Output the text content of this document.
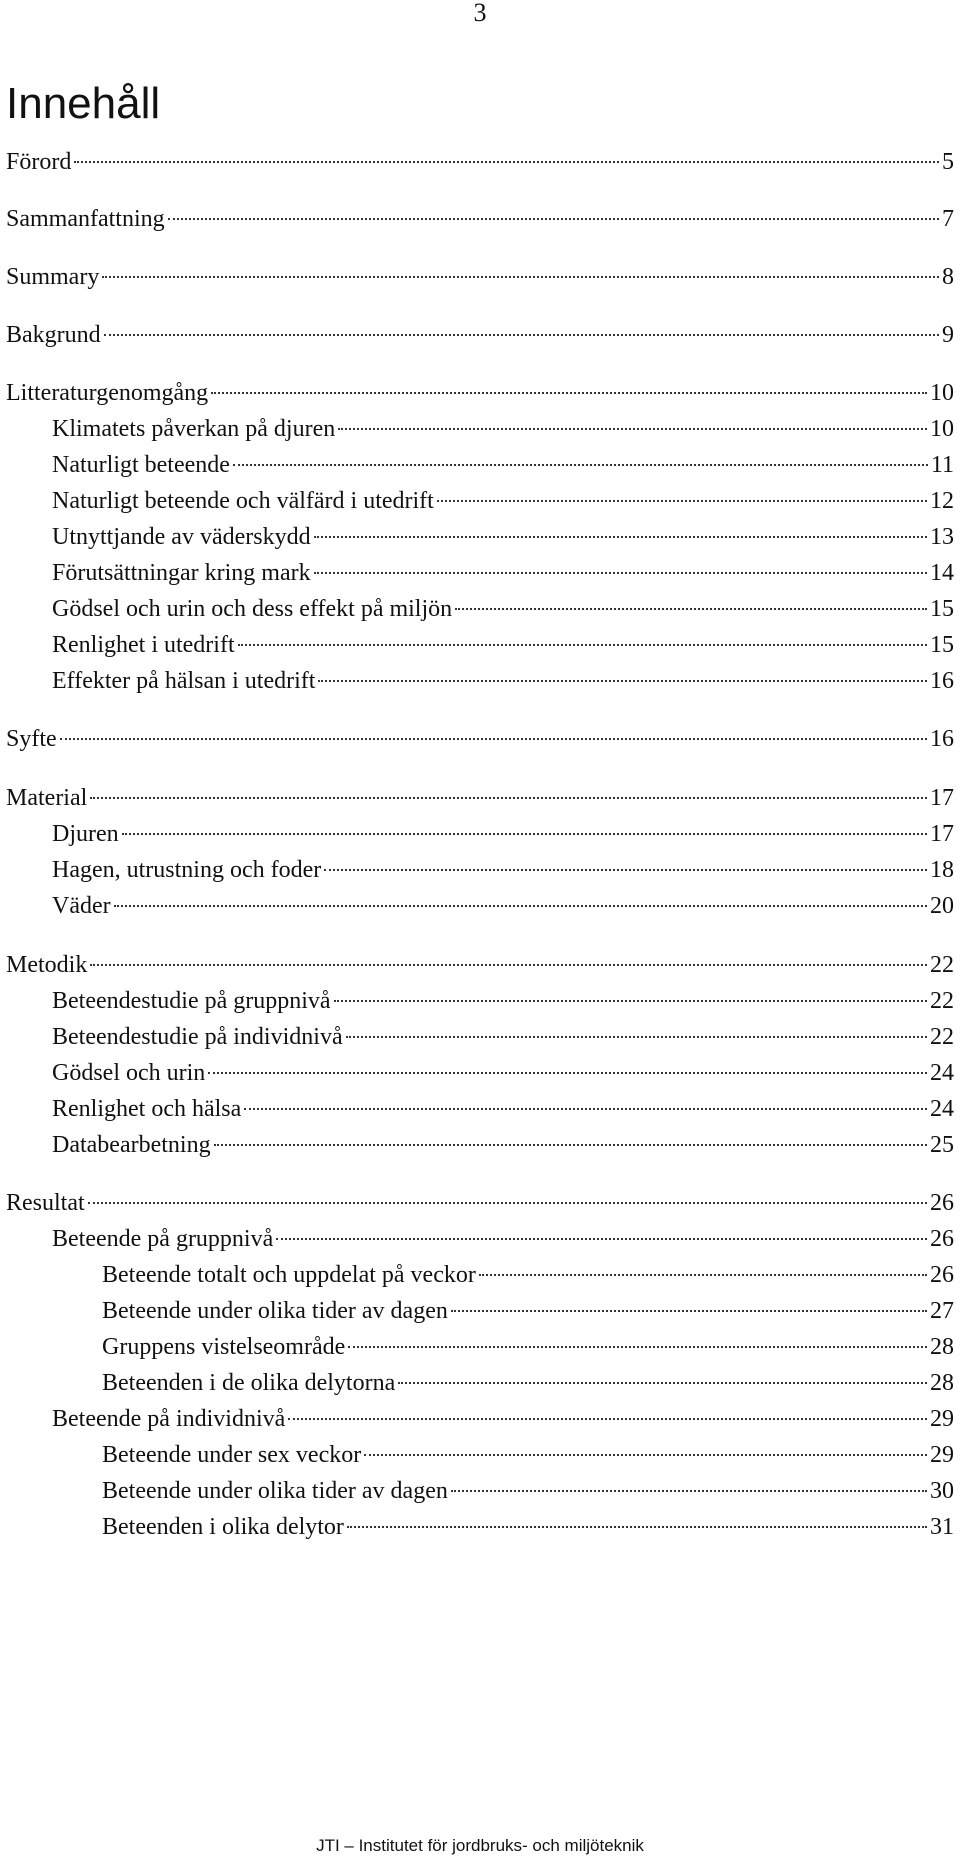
3
Innehåll
Förord	5
Sammanfattning	7
Summary	8
Bakgrund	9
Litteraturgenomgång	10
Klimatets påverkan på djuren	10
Naturligt beteende	11
Naturligt beteende och välfärd i utedrift	12
Utnyttjande av väderskydd	13
Förutsättningar kring mark	14
Gödsel och urin och dess effekt på miljön	15
Renlighet i utedrift	15
Effekter på hälsan i utedrift	16
Syfte	16
Material	17
Djuren	17
Hagen, utrustning och foder	18
Väder	20
Metodik	22
Beteendestudie på gruppnivå	22
Beteendestudie på individnivå	22
Gödsel och urin	24
Renlighet och hälsa	24
Databearbetning	25
Resultat	26
Beteende på gruppnivå	26
Beteende totalt och uppdelat på veckor	26
Beteende under olika tider av dagen	27
Gruppens vistelseområde	28
Beteenden i de olika delytorna	28
Beteende på individnivå	29
Beteende under sex veckor	29
Beteende under olika tider av dagen	30
Beteenden i olika delytor	31
JTI – Institutet för jordbruks- och miljöteknik
